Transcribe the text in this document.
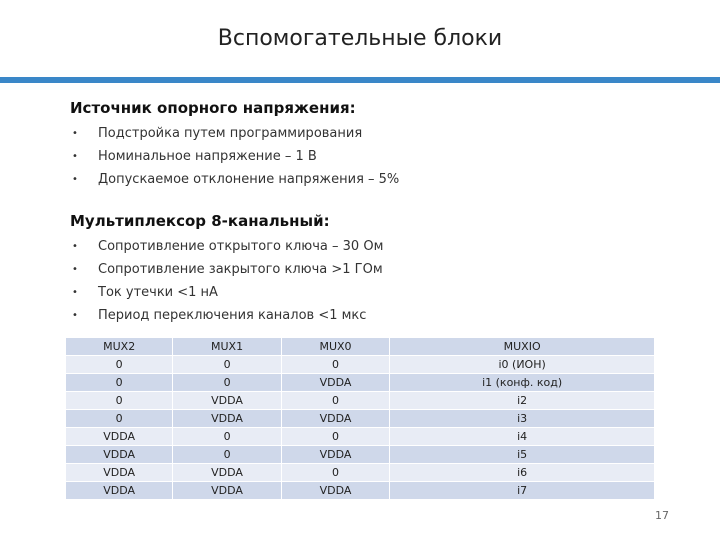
Вспомогательные блоки
Источник опорного напряжения:
• Подстройка путем программирования
• Номинальное напряжение – 1 В
• Допускаемое отклонение напряжения – 5%
Мультиплексор 8-канальный:
• Сопротивление открытого ключа – 30 Ом
• Сопротивление закрытого ключа >1 ГОм
• Ток утечки <1 нА
• Период переключения каналов <1 мкс
MUX2	MUX1	MUX0	MUXIO
0	0	0	i0 (ИОН)
0	0	VDDA	i1 (конф. код)
0	VDDA	0	i2
0	VDDA	VDDA	i3
VDDA	0	0	i4
VDDA	0	VDDA	i5
VDDA	VDDA	0	i6
VDDA	VDDA	VDDA	i7
17
